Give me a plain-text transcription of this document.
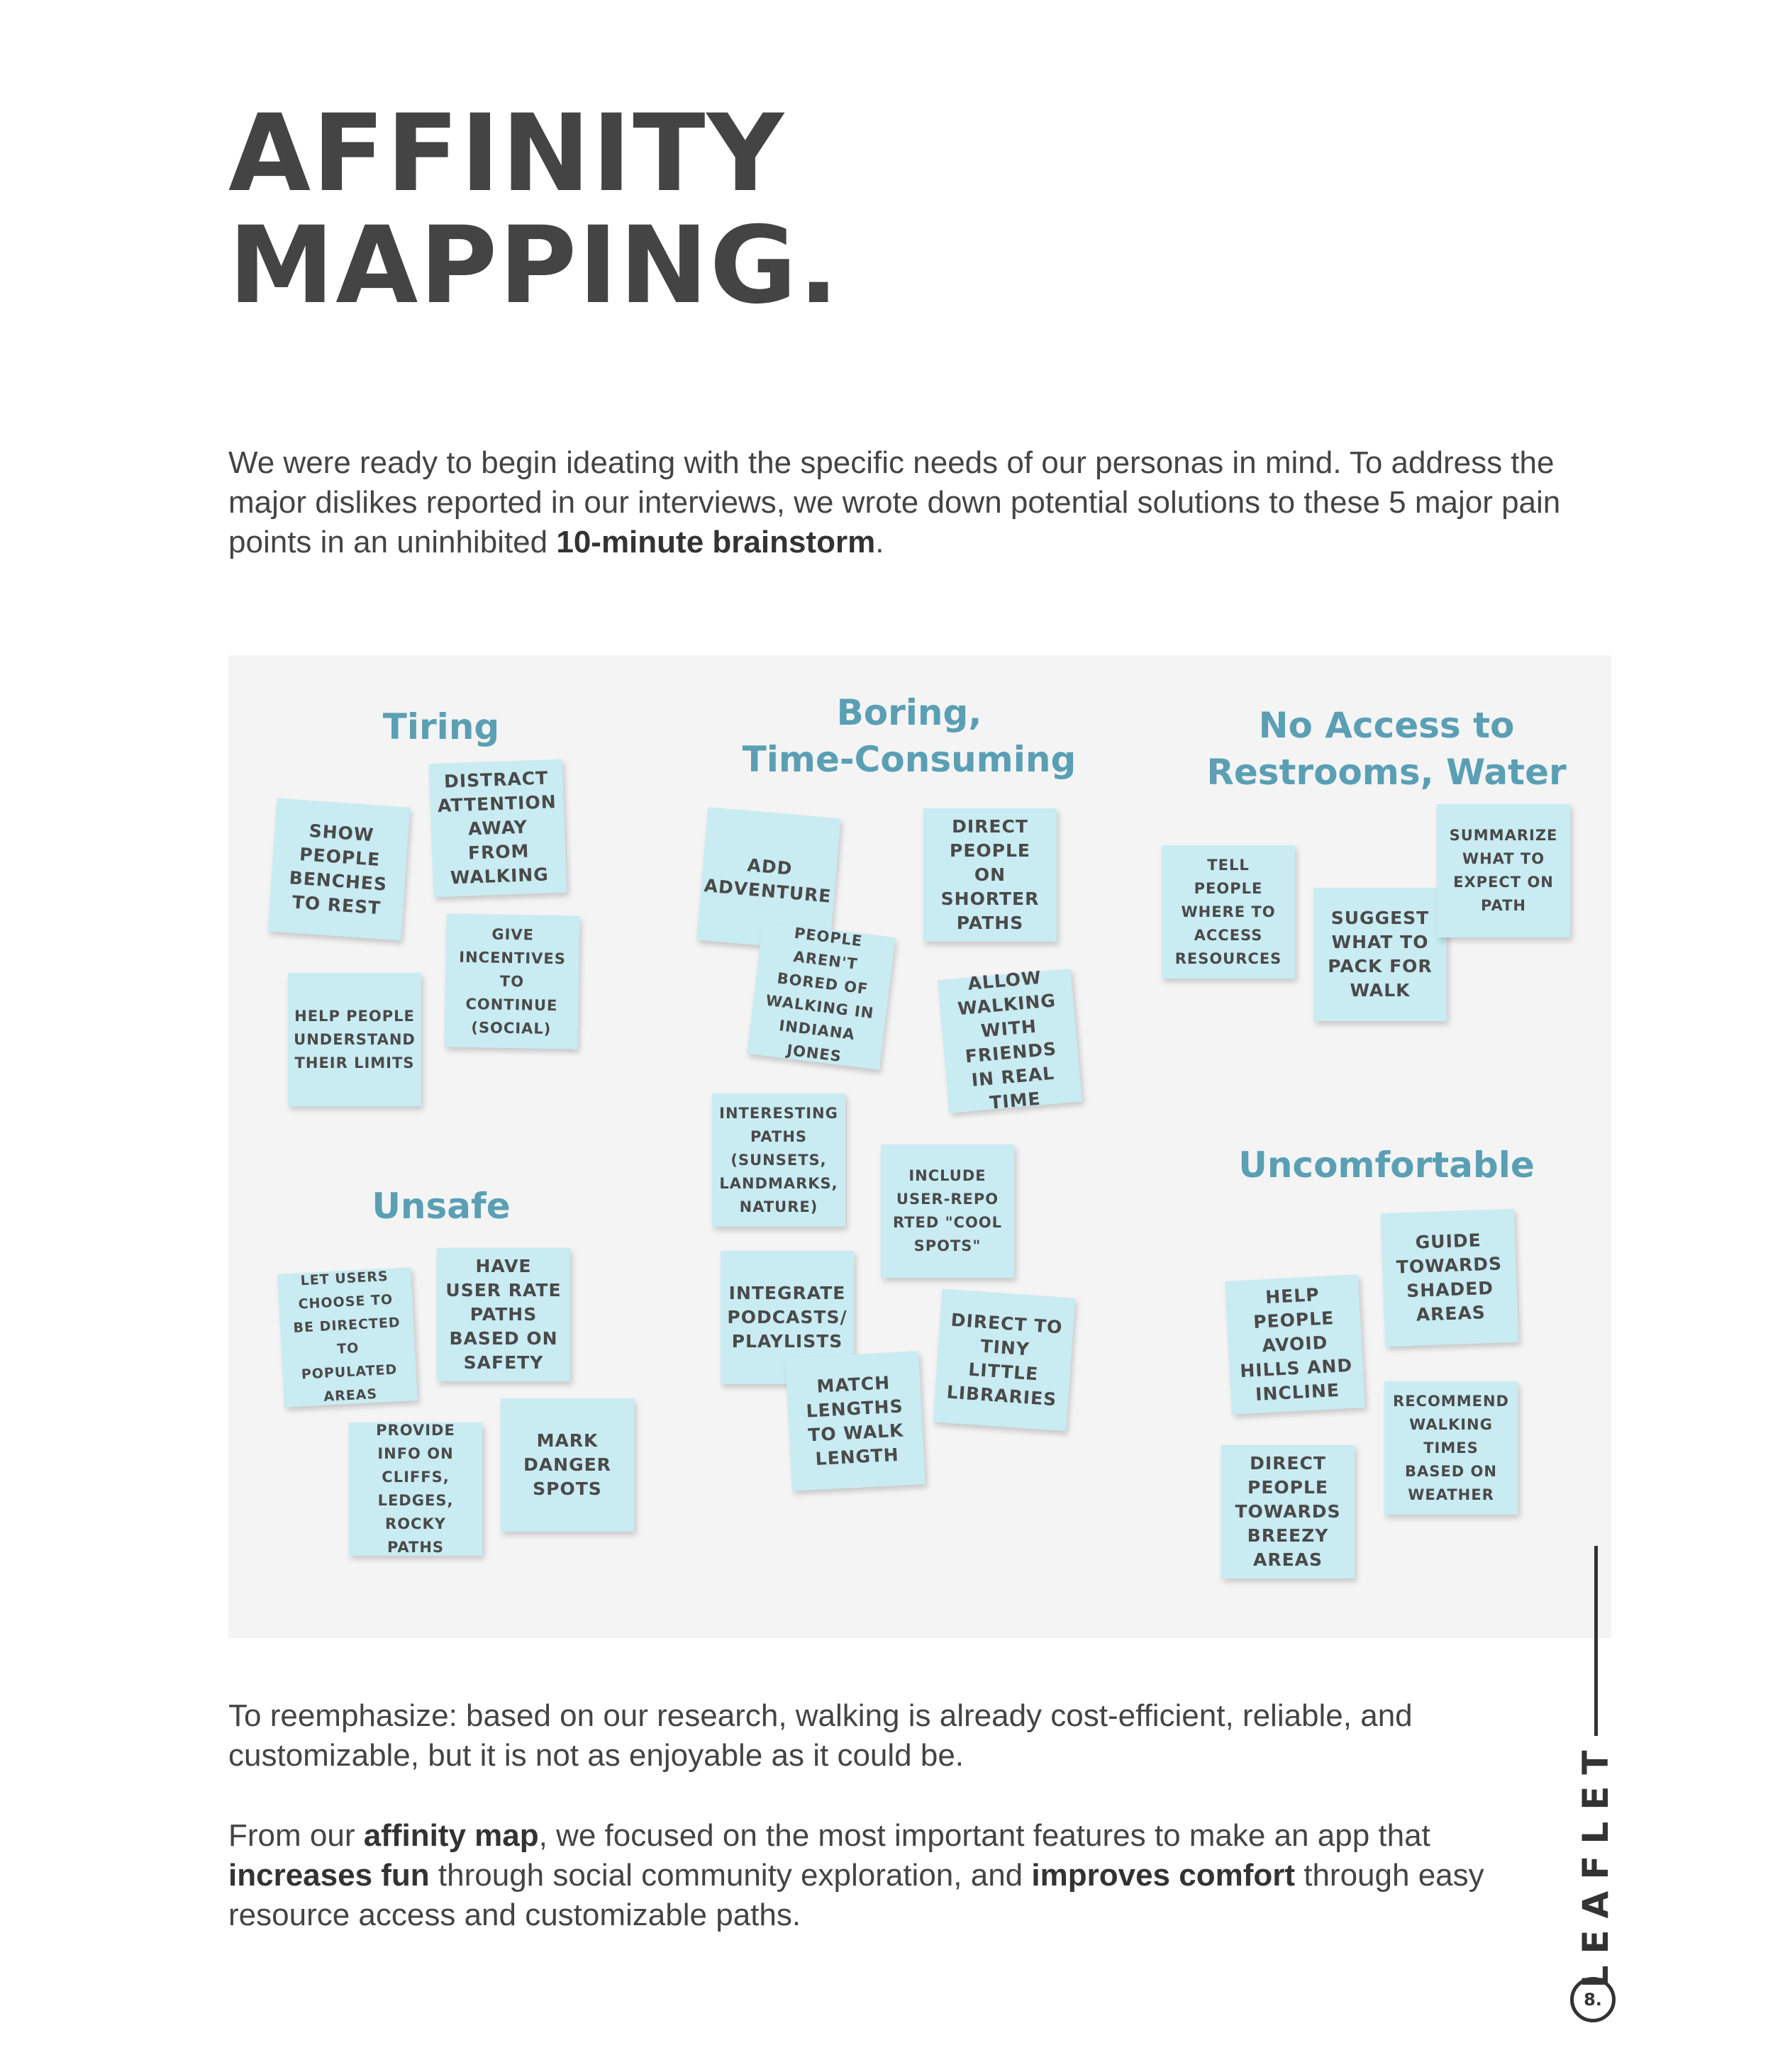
AFFINITY
MAPPING.

We were ready to begin ideating with the specific needs of our personas in mind. To address the major dislikes reported in our interviews, we wrote down potential solutions to these 5 major pain points in an uninhibited 10-minute brainstorm.

Tiring	Boring,
Time-Consuming
No Access to
Restrooms, Water
Unsafe
Uncomfortable
SHOW PEOPLE BENCHES TO REST
DISTRACT ATTENTION AWAY FROM WALKING
GIVE INCENTIVES TO CONTINUE (SOCIAL)
HELP PEOPLE UNDERSTAND THEIR LIMITS
ADD ADVENTURE
DIRECT PEOPLE ON SHORTER PATHS
PEOPLE AREN'T BORED OF WALKING IN INDIANA JONES
ALLOW WALKING WITH FRIENDS IN REAL TIME
INTERESTING PATHS (SUNSETS, LANDMARKS, NATURE)
INCLUDE USER-REPO RTED "COOL SPOTS"
INTEGRATE PODCASTS/ PLAYLISTS
DIRECT TO TINY LITTLE LIBRARIES
MATCH LENGTHS TO WALK LENGTH
TELL PEOPLE WHERE TO ACCESS RESOURCES
SUGGEST WHAT TO PACK FOR WALK
SUMMARIZE WHAT TO EXPECT ON PATH
LET USERS CHOOSE TO BE DIRECTED TO POPULATED AREAS
HAVE USER RATE PATHS BASED ON SAFETY
PROVIDE INFO ON CLIFFS, LEDGES, ROCKY PATHS
MARK DANGER SPOTS
GUIDE TOWARDS SHADED AREAS
HELP PEOPLE AVOID HILLS AND INCLINE	RECOMMEND WALKING TIMES BASED ON WEATHER
DIRECT PEOPLE TOWARDS BREEZY AREAS

To reemphasize: based on our research, walking is already cost-efficient, reliable, and customizable, but it is not as enjoyable as it could be.

From our affinity map, we focused on the most important features to make an app that increases fun through social community exploration, and improves comfort through easy resource access and customizable paths.	LEAFLET
8.
